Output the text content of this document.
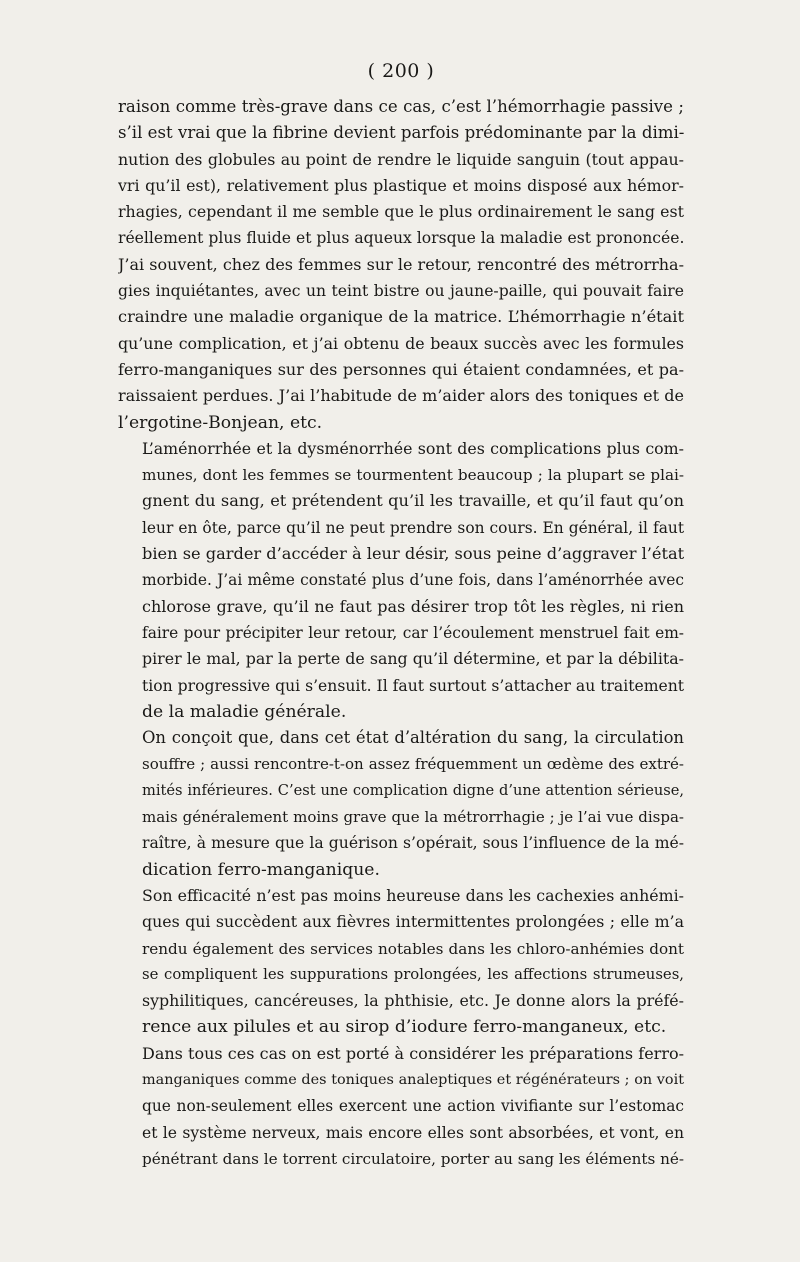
( 200 )

raison comme très-grave dans ce cas, c’est l’hémorrhagie passive ;
s’il est vrai que la fibrine devient parfois prédominante par la dimi-
nution des globules au point de rendre le liquide sanguin (tout appau-
vri qu’il est), relativement plus plastique et moins disposé aux hémor-
rhagies, cependant il me semble que le plus ordinairement le sang est
réellement plus fluide et plus aqueux lorsque la maladie est prononcée.
J’ai souvent, chez des femmes sur le retour, rencontré des métrorrha-
gies inquiétantes, avec un teint bistre ou jaune-paille, qui pouvait faire
craindre une maladie organique de la matrice. L’hémorrhagie n’était
qu’une complication, et j’ai obtenu de beaux succès avec les formules
ferro-manganiques sur des personnes qui étaient condamnées, et pa-
raissaient perdues. J’ai l’habitude de m’aider alors des toniques et de
l’ergotine-Bonjean, etc.

L’aménorrhée et la dysménorrhée sont des complications plus com-
munes, dont les femmes se tourmentent beaucoup ; la plupart se plai-
gnent du sang, et prétendent qu’il les travaille, et qu’il faut qu’on
leur en ôte, parce qu’il ne peut prendre son cours. En général, il faut
bien se garder d’accéder à leur désir, sous peine d’aggraver l’état
morbide. J’ai même constaté plus d’une fois, dans l’aménorrhée avec
chlorose grave, qu’il ne faut pas désirer trop tôt les règles, ni rien
faire pour précipiter leur retour, car l’écoulement menstruel fait em-
pirer le mal, par la perte de sang qu’il détermine, et par la débilita-
tion progressive qui s’ensuit. Il faut surtout s’attacher au traitement
de la maladie générale.

On conçoit que, dans cet état d’altération du sang, la circulation
souffre ; aussi rencontre-t-on assez fréquemment un œdème des extré-
mités inférieures. C’est une complication digne d’une attention sérieuse,
mais généralement moins grave que la métrorrhagie ; je l’ai vue dispa-
raître, à mesure que la guérison s’opérait, sous l’influence de la mé-
dication ferro-manganique.

Son efficacité n’est pas moins heureuse dans les cachexies anhémi-
ques qui succèdent aux fièvres intermittentes prolongées ; elle m’a
rendu également des services notables dans les chloro-anhémies dont
se compliquent les suppurations prolongées, les affections strumeuses,
syphilitiques, cancéreuses, la phthisie, etc. Je donne alors la préfé-
rence aux pilules et au sirop d’iodure ferro-manganeux, etc.

Dans tous ces cas on est porté à considérer les préparations ferro-
manganiques comme des toniques analeptiques et régénérateurs ; on voit
que non-seulement elles exercent une action vivifiante sur l’estomac
et le système nerveux, mais encore elles sont absorbées, et vont, en
pénétrant dans le torrent circulatoire, porter au sang les éléments né-
